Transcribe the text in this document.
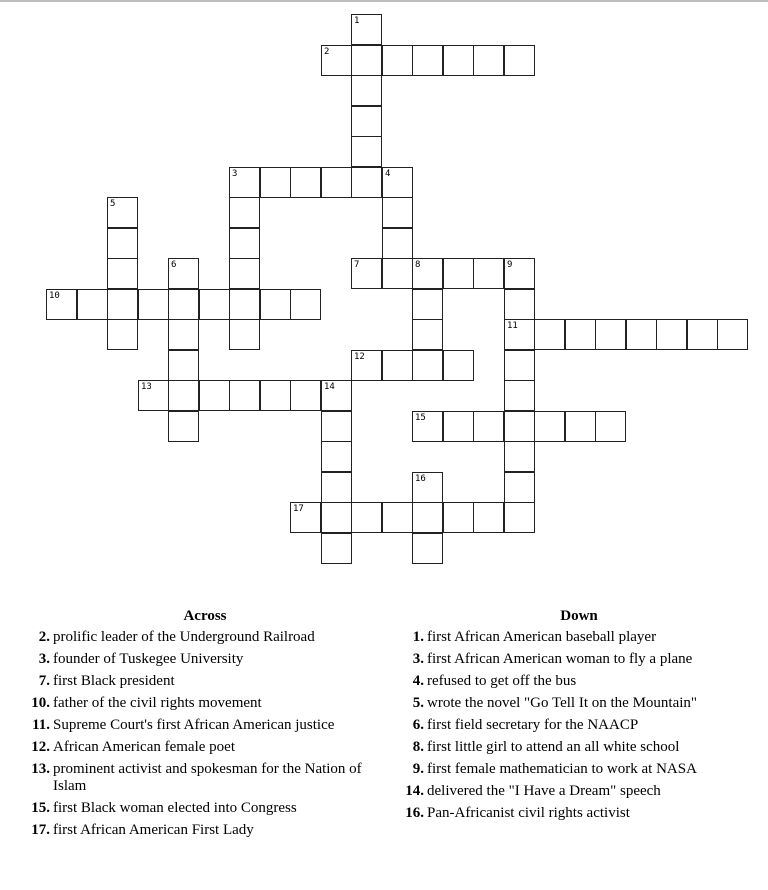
1
2
3	4
5
6	7	8	9
10
11
12
13	14
15
16
17
Across
2. prolific leader of the Underground Railroad
3. founder of Tuskegee University
7. first Black president
10. father of the civil rights movement
11. Supreme Court's first African American justice
12. African American female poet
13. prominent activist and spokesman for the Nation of Islam
15. first Black woman elected into Congress
17. first African American First Lady
Down
1. first African American baseball player
3. first African American woman to fly a plane
4. refused to get off the bus
5. wrote the novel "Go Tell It on the Mountain"
6. first field secretary for the NAACP
8. first little girl to attend an all white school
9. first female mathematician to work at NASA
14. delivered the "I Have a Dream" speech
16. Pan-Africanist civil rights activist
